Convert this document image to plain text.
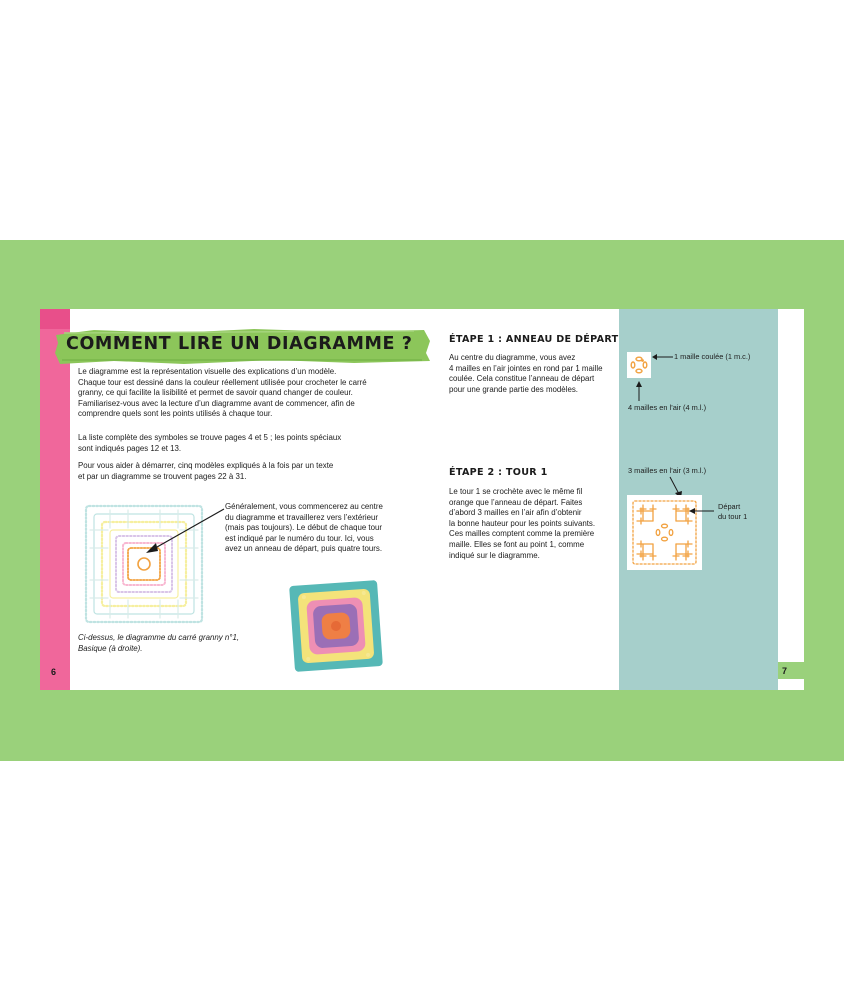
COMMENT LIRE UN DIAGRAMME ?
Le diagramme est la représentation visuelle des explications d’un modèle.
Chaque tour est dessiné dans la couleur réellement utilisée pour crocheter le carré
granny, ce qui facilite la lisibilité et permet de savoir quand changer de couleur.
Familiarisez-vous avec la lecture d’un diagramme avant de commencer, afin de
comprendre quels sont les points utilisés à chaque tour.
La liste complète des symboles se trouve pages 4 et 5 ; les points spéciaux
sont indiqués pages 12 et 13.
Pour vous aider à démarrer, cinq modèles expliqués à la fois par un texte
et par un diagramme se trouvent pages 22 à 31.
Généralement, vous commencerez au centre
du diagramme et travaillerez vers l’extérieur
(mais pas toujours). Le début de chaque tour
est indiqué par le numéro du tour. Ici, vous
avez un anneau de départ, puis quatre tours.
Ci-dessus, le diagramme du carré granny n°1,
Basique (à droite).
6	7
ÉTAPE 1 : ANNEAU DE DÉPART
Au centre du diagramme, vous avez
4 mailles en l’air jointes en rond par 1 maille
coulée. Cela constitue l’anneau de départ
pour une grande partie des modèles.
ÉTAPE 2 : TOUR 1
Le tour 1 se crochète avec le même fil
orange que l’anneau de départ. Faites
d’abord 3 mailles en l’air afin d’obtenir
la bonne hauteur pour les points suivants.
Ces mailles comptent comme la première
maille. Elles se font au point 1, comme
indiqué sur le diagramme.
1 maille coulée (1 m.c.)
4 mailles en l’air (4 m.l.)
3 mailles en l’air (3 m.l.)
Départ
du tour 1
